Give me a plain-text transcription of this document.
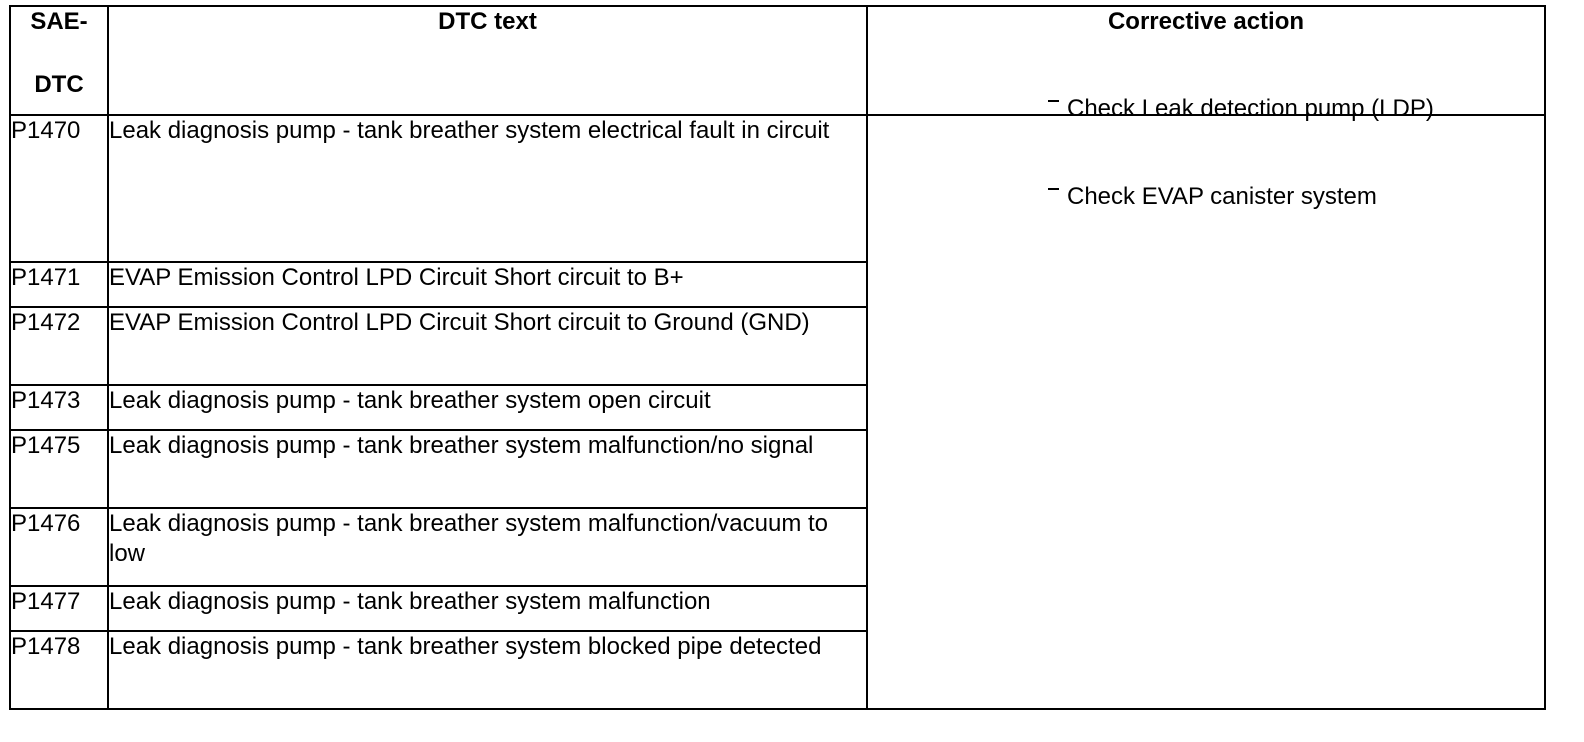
SAE-
DTC	DTC text	Corrective action
P1470	Leak diagnosis pump - tank breather system electrical fault in circuit	Check Leak detection pump (LDP)
Check EVAP canister system

P1471	EVAP Emission Control LPD Circuit Short circuit to B+	
P1472	EVAP Emission Control LPD Circuit Short circuit to Ground (GND)	
P1473	Leak diagnosis pump - tank breather system open circuit	
P1475	Leak diagnosis pump - tank breather system malfunction/no signal	
P1476	Leak diagnosis pump - tank breather system malfunction/vacuum to low	
P1477	Leak diagnosis pump - tank breather system malfunction	
P1478	Leak diagnosis pump - tank breather system blocked pipe detected	
